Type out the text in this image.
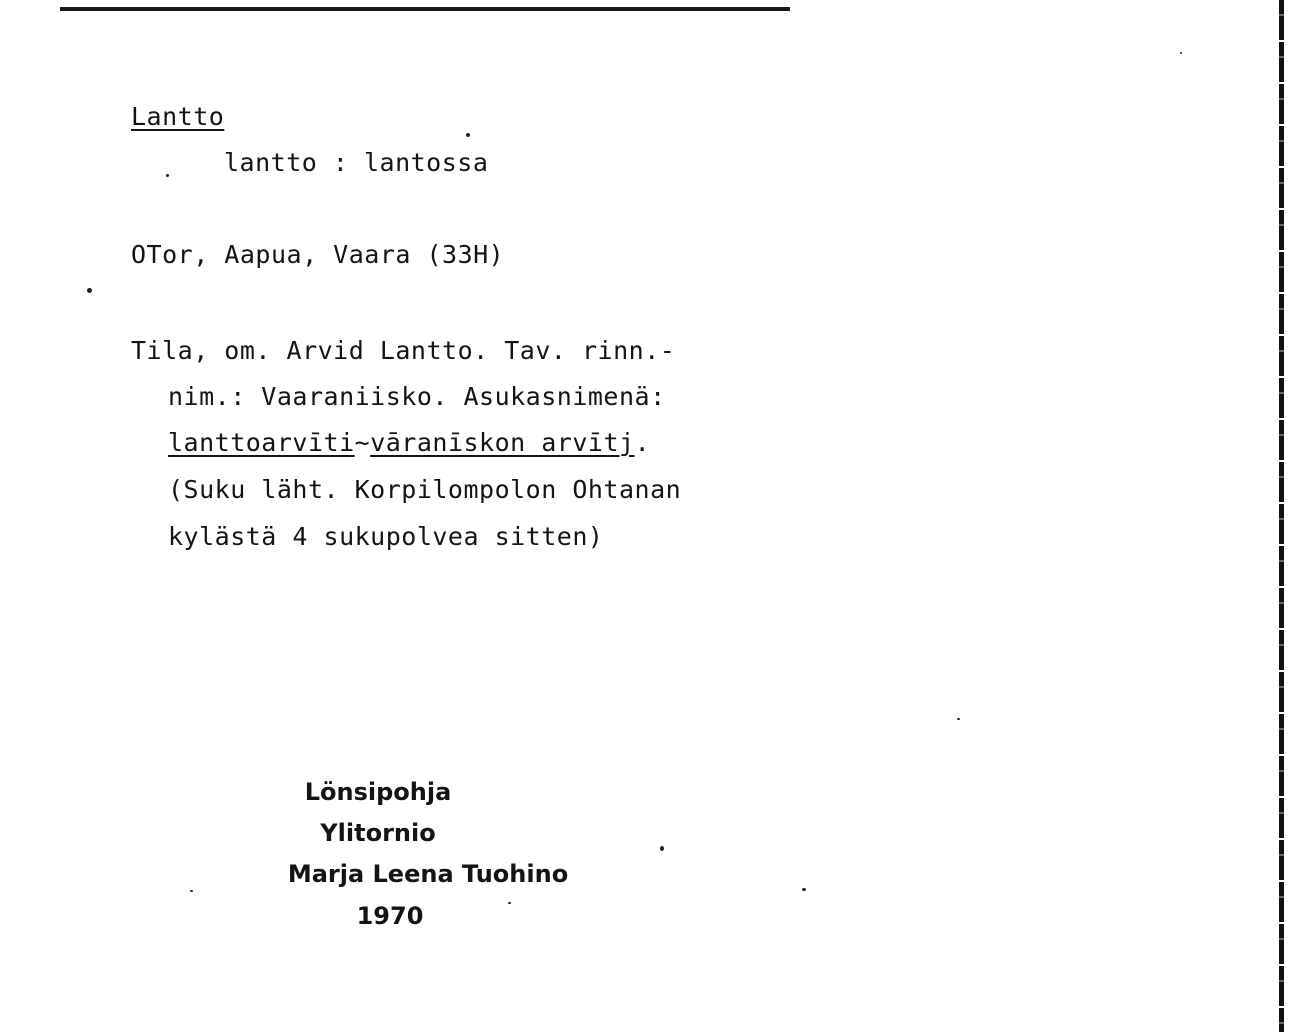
Lantto
lantto : lantossa
OTor, Aapua, Vaara (33H)
Tila, om. Arvid Lantto. Tav. rinn.-
nim.: Vaaraniisko. Asukasnimenä:
lanttoarvīti~vāranīskon arvītj.
(Suku läht. Korpilompolon Ohtanan
kylästä 4 sukupolvea sitten)
Lönsipohja
Ylitornio
Marja Leena Tuohino
1970
